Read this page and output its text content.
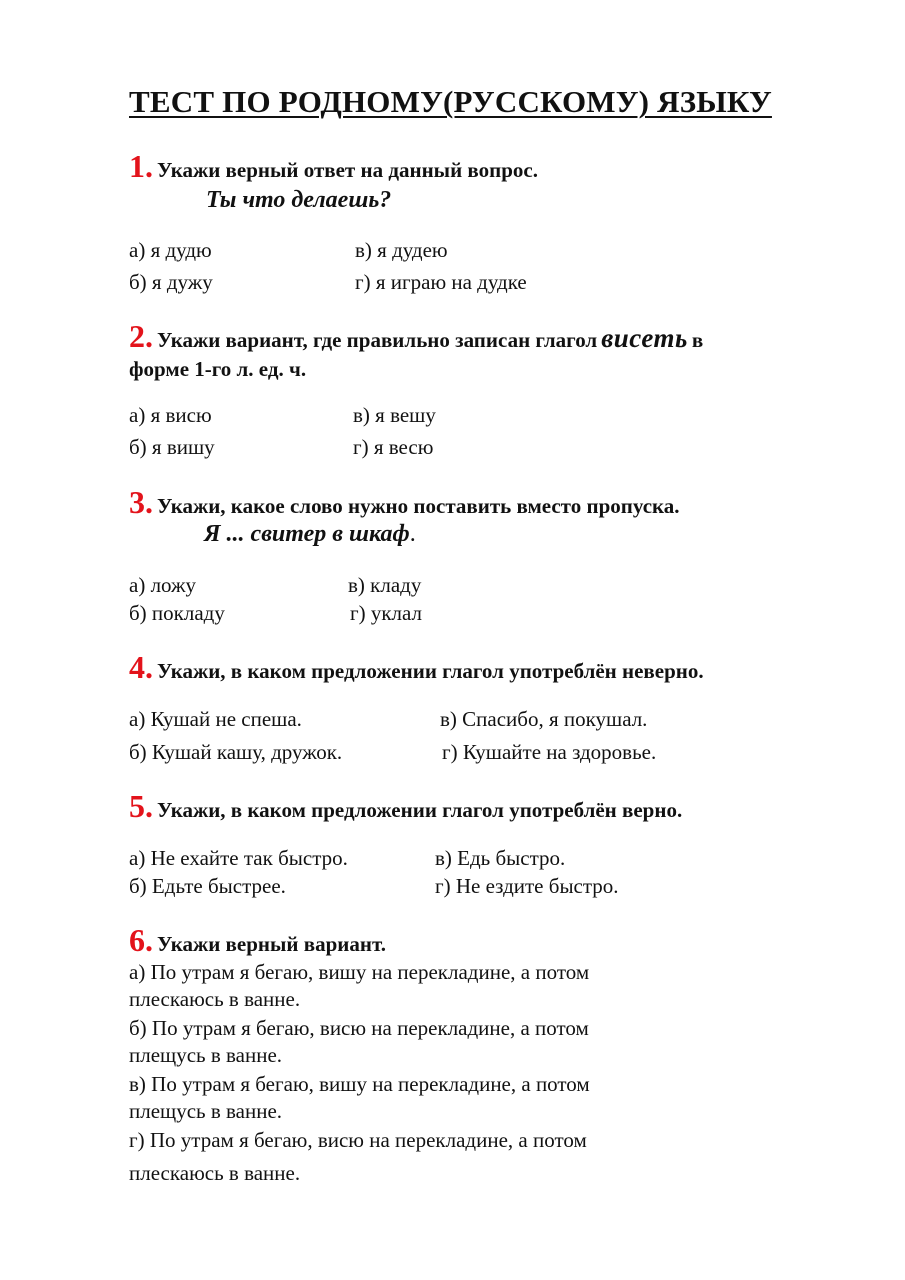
ТЕСТ ПО РОДНОМУ(РУССКОМУ) ЯЗЫКУ
1. Укажи верный ответ на данный вопрос.
Ты что делаешь?
а) я дудю	в) я дудею
б) я дужу	г) я играю на дудке
2. Укажи вариант, где правильно записан глагол висеть в
форме 1-го л. ед. ч.
а) я висю	в) я вешу
б) я вишу	г) я весю
3. Укажи, какое слово нужно поставить вместо пропуска.
Я ... свитер в шкаф.
а) ложу	в) кладу
б) покладу	г) уклал
4. Укажи, в каком предложении глагол употреблён неверно.
а) Кушай не спеша.	в) Спасибо, я покушал.
б) Кушай кашу, дружок.	г) Кушайте на здоровье.
5. Укажи, в каком предложении глагол употреблён верно.
а) Не ехайте так быстро.	в) Едь быстро.
б) Едьте быстрее.	г) Не ездите быстро.
6. Укажи верный вариант.
а) По утрам я бегаю, вишу на перекладине, а потом
плескаюсь в ванне.
б) По утрам я бегаю, висю на перекладине, а потом
плещусь в ванне.
в) По утрам я бегаю, вишу на перекладине, а потом
плещусь в ванне.
г) По утрам я бегаю, висю на перекладине, а потом
плескаюсь в ванне.
